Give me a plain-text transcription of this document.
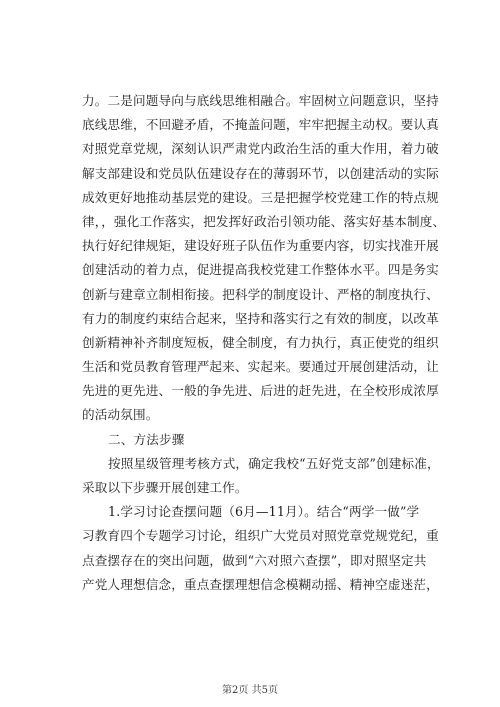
力。二是问题导向与底线思维相融合。牢固树立问题意识，坚持
底线思维，不回避矛盾，不掩盖问题，牢牢把握主动权。要认真
对照党章党规，深刻认识严肃党内政治生活的重大作用，着力破
解支部建设和党员队伍建设存在的薄弱环节，以创建活动的实际
成效更好地推动基层党的建设。三是把握学校党建工作的特点规
律，，强化工作落实，把发挥好政治引领功能、落实好基本制度、
执行好纪律规矩，建设好班子队伍作为重要内容，切实找准开展
创建活动的着力点，促进提高我校党建工作整体水平。四是务实
创新与建章立制相衔接。把科学的制度设计、严格的制度执行、
有力的制度约束结合起来，坚持和落实行之有效的制度，以改革
创新精神补齐制度短板，健全制度，有力执行，真正使党的组织
生活和党员教育管理严起来、实起来。要通过开展创建活动，让
先进的更先进、一般的争先进、后进的赶先进，在全校形成浓厚
的活动氛围。
二、方法步骤
按照星级管理考核方式，确定我校“五好党支部”创建标准，
采取以下步骤开展创建工作。
1.学习讨论查摆问题（6月—11月）。结合“两学一做”学
习教育四个专题学习讨论，组织广大党员对照党章党规党纪，重
点查摆存在的突出问题，做到“六对照六查摆”，即对照坚定共
产党人理想信念，重点查摆理想信念模糊动摇、精神空虚迷茫，
第2页 共5页
